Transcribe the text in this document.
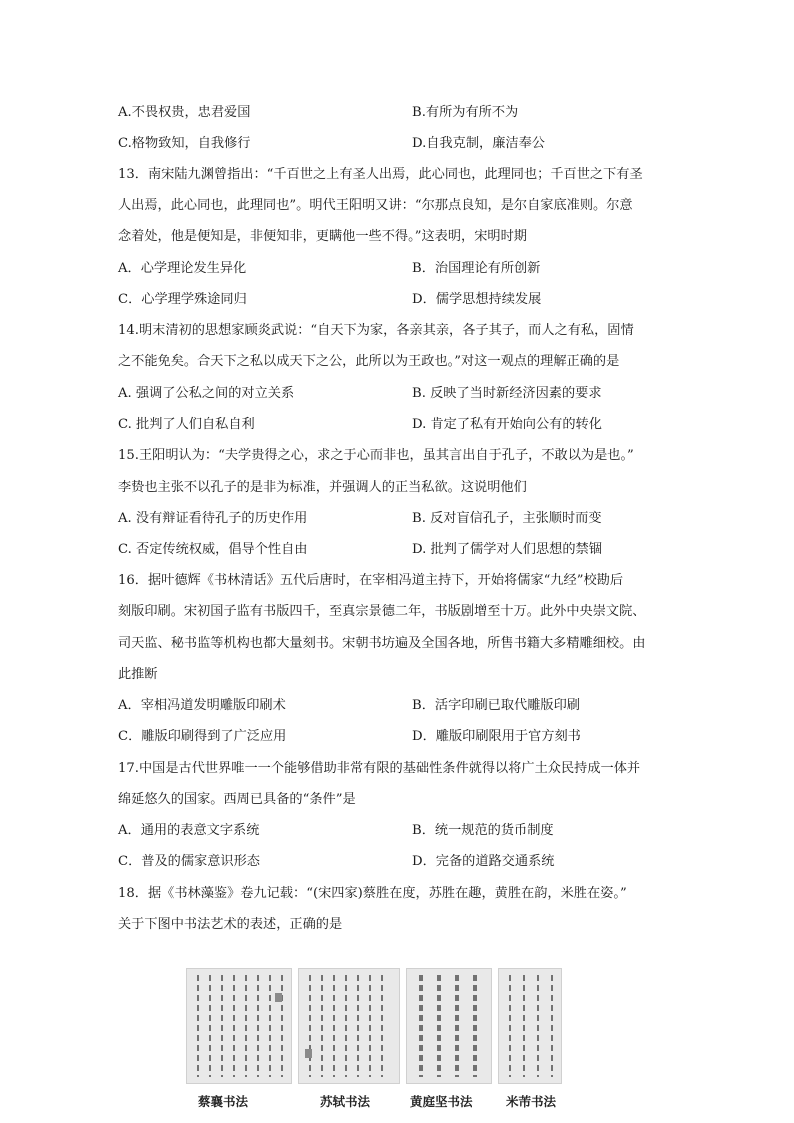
A.不畏权贵，忠君爱国	B.有所为有所不为
C.格物致知，自我修行	D.自我克制，廉洁奉公
13．南宋陆九渊曾指出：“千百世之上有圣人出焉，此心同也，此理同也；千百世之下有圣
人出焉，此心同也，此理同也”。明代王阳明又讲：“尔那点良知，是尔自家底准则。尔意
念着处，他是便知是，非便知非，更瞒他一些不得。”这表明，宋明时期
A．心学理论发生异化	B．治国理论有所创新
C．心学理学殊途同归	D．儒学思想持续发展
14.明末清初的思想家顾炎武说：“自天下为家，各亲其亲，各子其子，而人之有私，固情
之不能免矣。合天下之私以成天下之公，此所以为王政也。”对这一观点的理解正确的是
A. 强调了公私之间的对立关系	B. 反映了当时新经济因素的要求
C. 批判了人们自私自利	D. 肯定了私有开始向公有的转化
15.王阳明认为：“夫学贵得之心，求之于心而非也，虽其言出自于孔子，不敢以为是也。”
李贽也主张不以孔子的是非为标准，并强调人的正当私欲。这说明他们
A. 没有辩证看待孔子的历史作用	B. 反对盲信孔子，主张顺时而变
C. 否定传统权威，倡导个性自由	D. 批判了儒学对人们思想的禁锢
16．据叶德辉《书林清话》五代后唐时，在宰相冯道主持下，开始将儒家“九经”校勘后
刻版印刷。宋初国子监有书版四千，至真宗景德二年，书版剧增至十万。此外中央崇文院、
司天监、秘书监等机构也都大量刻书。宋朝书坊遍及全国各地，所售书籍大多精雕细校。由
此推断
A．宰相冯道发明雕版印刷术	B．活字印刷已取代雕版印刷
C．雕版印刷得到了广泛应用	D．雕版印刷限用于官方刻书
17.中国是古代世界唯一一个能够借助非常有限的基础性条件就得以将广土众民持成一体并
绵延悠久的国家。西周已具备的“条件”是
A．通用的表意文字系统	B．统一规范的货币制度
C．普及的儒家意识形态	D．完备的道路交通系统
18．据《书林藻鉴》卷九记载：“(宋四家)蔡胜在度，苏胜在趣，黄胜在韵，米胜在姿。”
关于下图中书法艺术的表述，正确的是
蔡襄书法	苏轼书法	黄庭坚书法	米芾书法
